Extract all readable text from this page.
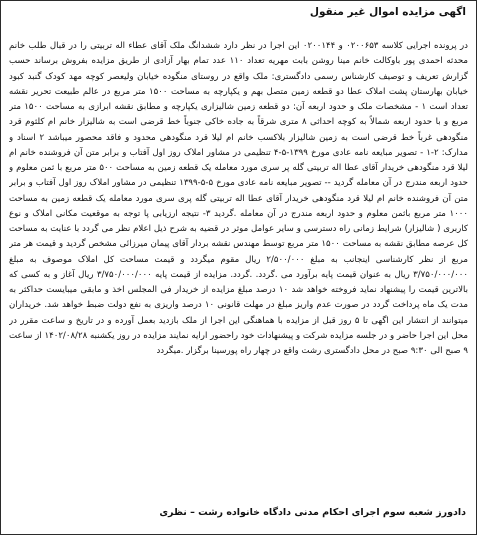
اگهی مزایده اموال غیر منقول
در پرونده اجرایی کلاسه ۰۲۰۰۶۵۳ و ۰۲۰۰۱۴۴ این اجرا در نظر دارد ششدانگ ملک آقای عطاء اله تربیتی را در قبال طلب خانم محدثه احمدی پور باوکالت خانم مینا روشن بابت مهریه تعداد ۱۱۰ عدد تمام بهار آزادی از طریق مزایده بفروش برساند حسب گزارش تعریف و توصیف کارشناس رسمی دادگستری: ملک واقع در روستای منگوده خیابان ولیعصر کوچه مهد کودک گنبد کبود خیابان بهارستان پشت املاک عطا دو قطعه زمین متصل بهم و یکپارچه به مساحت ۱۵۰۰ متر مربع در عالم طبیعت تحریر نقشه تعداد است ۱ - مشخصات ملک و حدود اربعه آن: دو قطعه زمین شالیزاری یکپارچه و مطابق نقشه ابرازی به مساحت ۱۵۰۰ متر مربع و با حدود اربعه شمالاً به کوچه احداثی ۸ متری شرقاً به جاده خاکی جنوباً خط قرضی است به شالیزار خانم ام کلثوم قرد منگودهی غرباً خط قرضی است به زمین شالیزار بلاکسب خانم ام لیلا قرد منگودهی محدود و فاقد محصور میباشد ۲ اسناد و مدارک: ۲-۱ - تصویر مبایعه نامه عادی مورخ ۱۳۹۹-۵-۴ تنظیمی در مشاور املاک روز اول آفتاب و برابر متن آن فروشنده خانم ام لیلا قرد منگودهی خریدار آقای عطا اله تربیتی گله پر سری مورد معامله یک قطعه زمین به مساحت ۵۰۰ متر مربع با ثمن معلوم و حدود اربعه مندرج در آن معامله گردید -- تصویر مبایعه نامه عادی مورخ ۵-۵-۱۳۹۹ تنظیمی در مشاور املاک روز اول آفتاب و برابر متن آن فروشنده خانم ام لیلا قرد منگودهی خریدار آقای عطا اله تربیتی گله پری سری مورد معامله یک قطعه زمین به مساحت ۱۰۰۰ متر مربع باثمن معلوم و حدود اربعه مندرج در آن معامله .گردید ۳- نتیجه ارزیابی پا توجه به موقعیت مکانی املاک و نوع کاربری ( شالیزار) شرایط زمانی راه دسترسی و سایر عوامل موثر در قضیه به شرح ذیل اعلام نظر می گردد با عنایت به مساحت کل عرصه مطابق نقشه به مساحت ۱۵۰۰ متر مربع توسط مهندس نقشه بردار آقای پیمان میرزائی مشخص گردید و قیمت هر متر مربع از نظر کارشناسی اینجانب به مبلغ ۲/۵۰۰/۰۰۰ ریال مقوم میگردد و قیمت مساحت کل املاک موصوف به مبلغ ۳/۷۵۰/۰۰۰/۰۰۰ ریال به عنوان قیمت پایه برآورد می .گردد. .گردد. مزایده از قیمت پایه ۳/۷۵۰/۰۰۰/۰۰۰ ریال آغاز و به کسی که بالاترین قیمت را پیشنهاد نماید فروخته خواهد شد ۱۰ درصد مبلغ مزایده از خریدار فی المجلس اخذ و مابقی میبایست حداکثر به مدت یک ماه پرداخت گردد در صورت عدم واریز مبلغ در مهلت قانونی ۱۰ درصد واریزی به نفع دولت ضبط خواهد شد. خریداران میتوانند از انتشار این اگهی تا ۵ روز قبل از مزایده با هماهنگی این اجرا از ملک بازدید بعمل آورده و در تاریخ و ساعت مقرر در محل این اجرا حاضر و در جلسه مزایده شرکت و پیشنهادات خود راحضور ارایه نمایند مزایده در روز یکشنبه ۱۴۰۲/۰۸/۲۸ از ساعت ۹ صبح الی ۹:۳۰ صبح در محل دادگستری رشت واقع در چهار راه پورسینا برگزار .میگردد
دادورز شعبه سوم اجرای احکام مدنی دادگاه خانواده رشت – نظری
